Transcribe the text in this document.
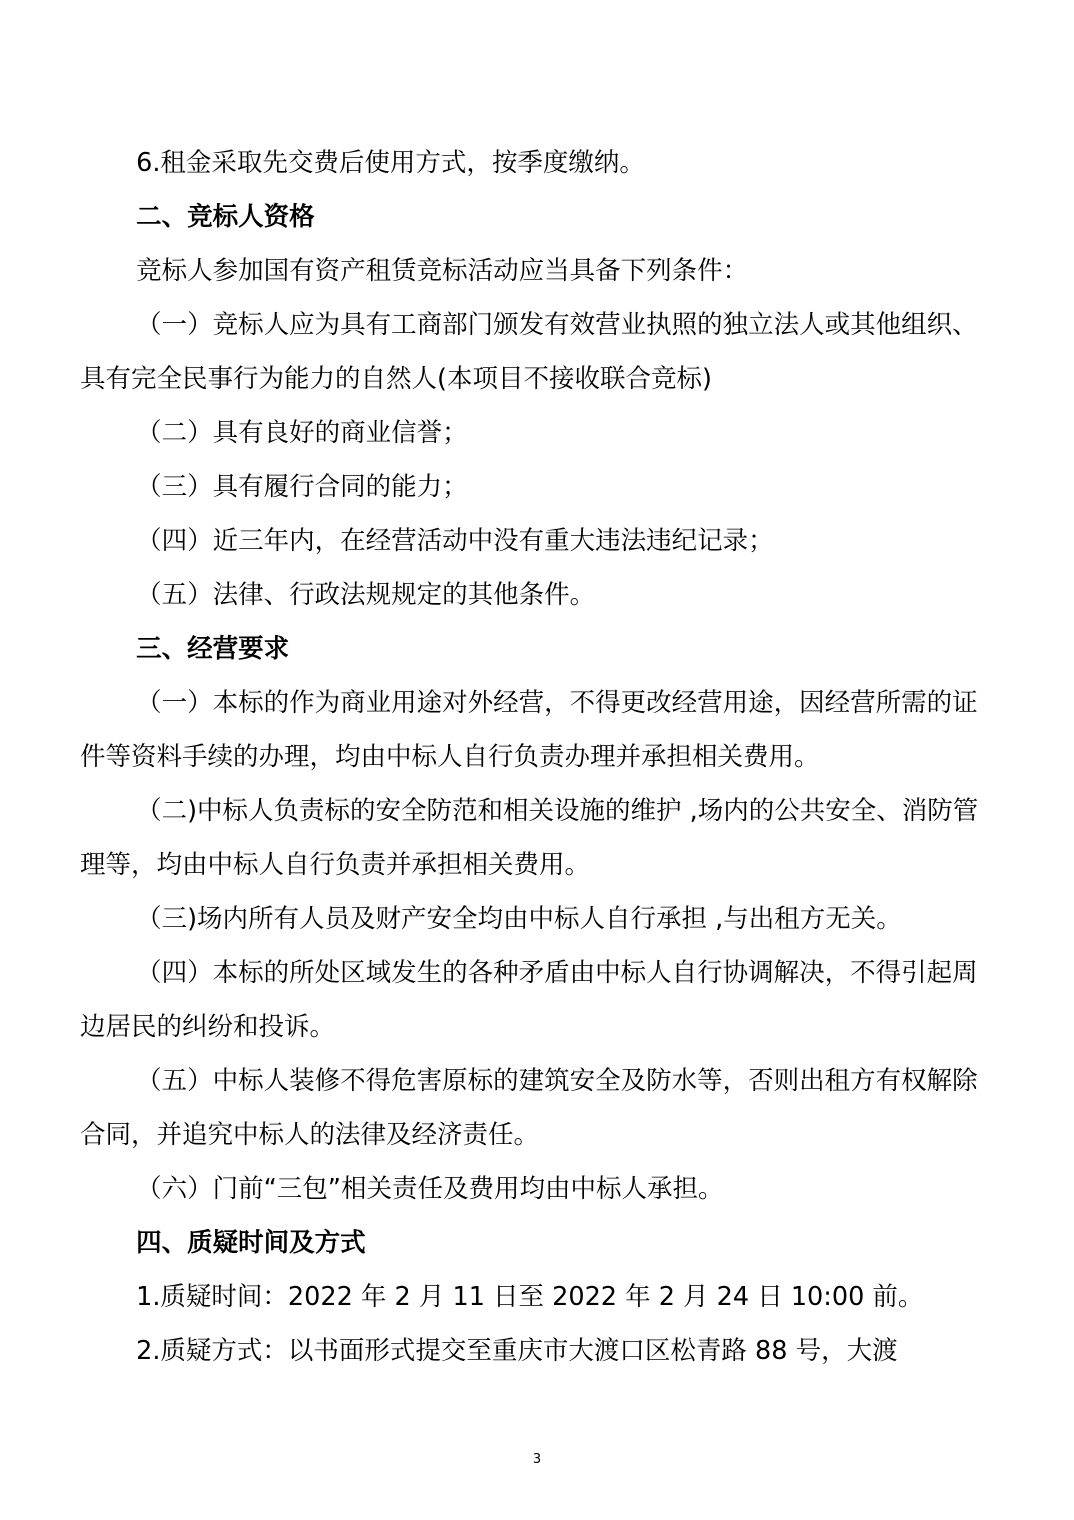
6.租金采取先交费后使用方式，按季度缴纳。

二、竞标人资格

竞标人参加国有资产租赁竞标活动应当具备下列条件：

（一）竞标人应为具有工商部门颁发有效营业执照的独立法人或其他组织、具有完全民事行为能力的自然人(本项目不接收联合竞标)

（二）具有良好的商业信誉；

（三）具有履行合同的能力；

（四）近三年内，在经营活动中没有重大违法违纪记录；

（五）法律、行政法规规定的其他条件。

三、经营要求

（一）本标的作为商业用途对外经营，不得更改经营用途，因经营所需的证件等资料手续的办理，均由中标人自行负责办理并承担相关费用。

（二)中标人负责标的安全防范和相关设施的维护 ,场内的公共安全、消防管理等，均由中标人自行负责并承担相关费用。

（三)场内所有人员及财产安全均由中标人自行承担 ,与出租方无关。

（四）本标的所处区域发生的各种矛盾由中标人自行协调解决，不得引起周边居民的纠纷和投诉。

（五）中标人装修不得危害原标的建筑安全及防水等，否则出租方有权解除合同，并追究中标人的法律及经济责任。

（六）门前“三包”相关责任及费用均由中标人承担。

四、质疑时间及方式

1.质疑时间：2022 年 2 月 11 日至 2022 年 2 月 24 日 10:00 前。

2.质疑方式：以书面形式提交至重庆市大渡口区松青路 88 号，大渡

3
